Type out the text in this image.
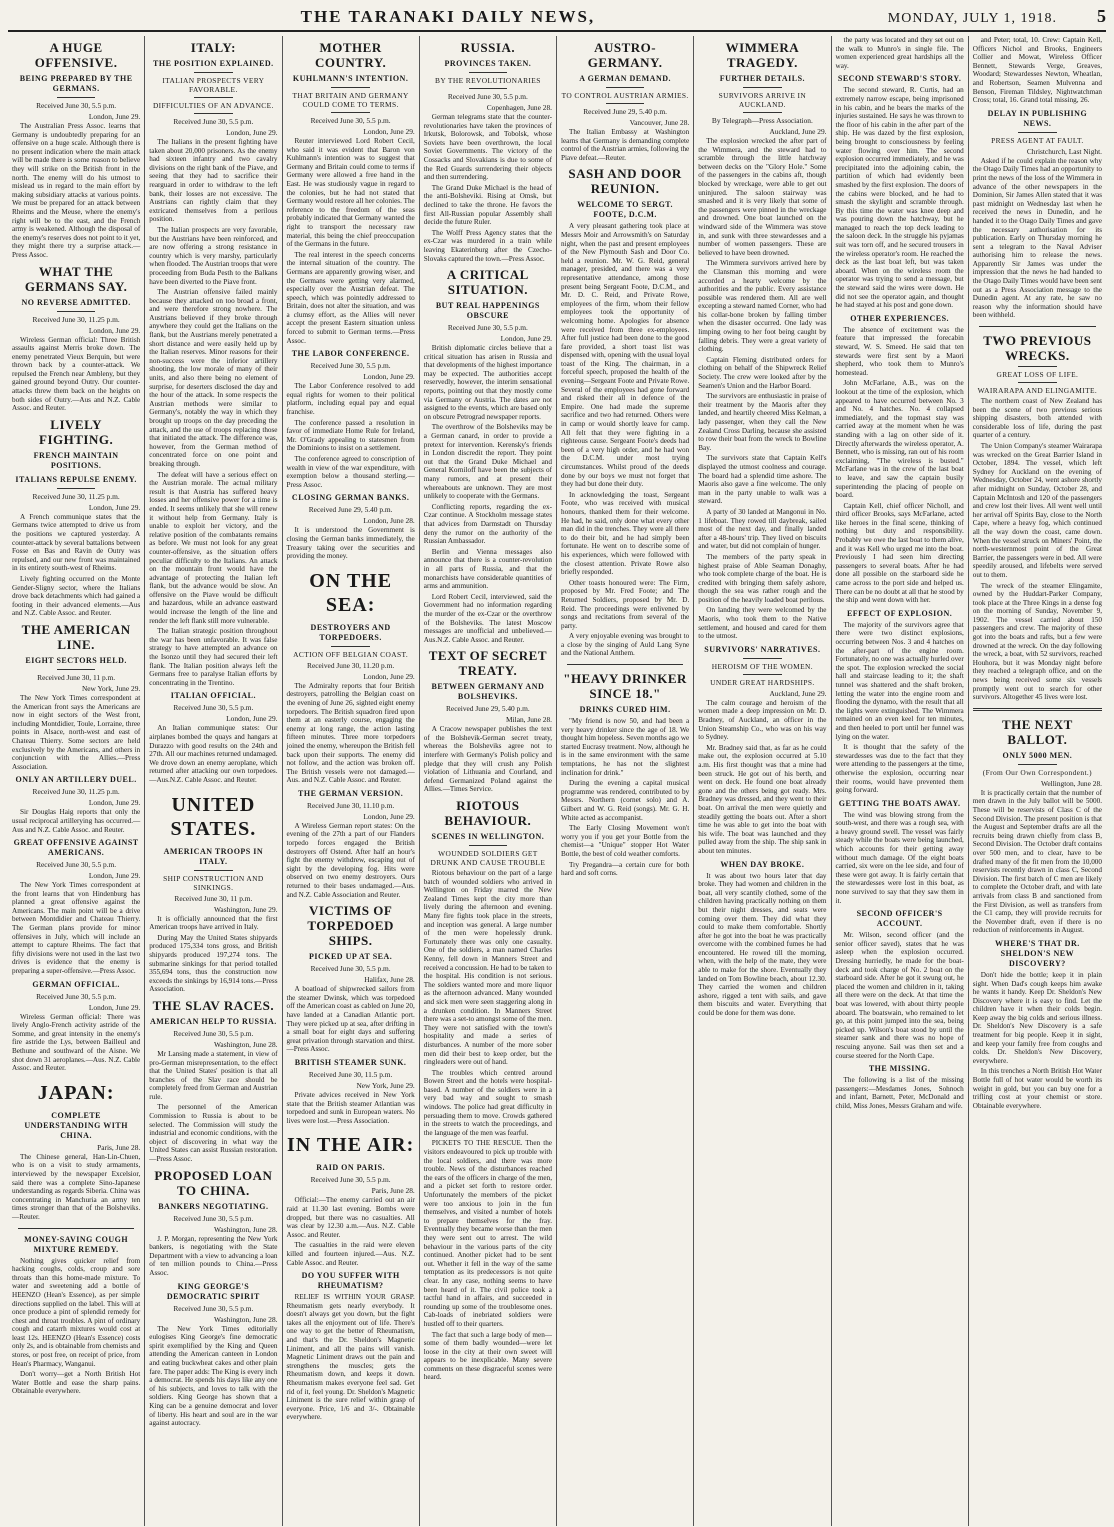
THE TARANAKI DAILY NEWS,	MONDAY, JULY 1, 1918. 5
A HUGE OFFENSIVE.
BEING PREPARED BY THE GERMANS.
Received June 30, 5.5 p.m.
London, June 29.

The Australian Press Assoc. learns that Germany is undoubtedly preparing for an offensive on a huge scale. Although there is no present indication where the main attack will be made there is some reason to believe they will strike on the British front in the north. The enemy will do his utmost to mislead us in regard to the main effort by making subsidiary attacks at various points. We must be prepared for an attack between Rheims and the Meuse, where the enemy's right will be to the east, and the French army is weakened. Although the disposal of the enemy's reserves does not point to it yet, they might there try a surprise attack.—Press Assoc.

WHAT THE GERMANS SAY.
NO REVERSE ADMITTED.
Received June 30, 11.25 p.m.
London, June 29.

Wireless German official: Three British assaults against Merris broke down. The enemy penetrated Vieux Berquin, but were thrown back by a counter-attack. We repulsed the French near Ambleny, but they gained ground beyond Outry. Our counter-attacks threw them back on the heights on both sides of Outry.—Aus and N.Z. Cable Assoc. and Reuter.

LIVELY FIGHTING.
FRENCH MAINTAIN POSITIONS.
ITALIANS REPULSE ENEMY.
Received June 30, 11.25 p.m.
London, June 29.

A French communique states that the Germans twice attempted to drive us from the positions we captured yesterday. A counter-attack by several battalions between Fosse en Bas and Ravin de Outry was repulsed, and our new front was maintained in its entirety south-west of Rheims.

Lively fighting occurred on the Monte Gender-Sligny sector, where the Italians drove back detachments which had gained a footing in their advanced elements.—Aus and N.Z. Cable Assoc. and Reuter.

THE AMERICAN LINE.
EIGHT SECTORS HELD.
Received June 30, 11 p.m.
New York, June 29.

The New York Times correspondent at the American front says the Americans are now in eight sectors of the West front, including Montdidier, Toule, Lorraine, three points in Alsace, north-west and east of Chateau Thierry. Some sectors are held exclusively by the Americans, and others in conjunction with the Allies.—Press Association.

ONLY AN ARTILLERY DUEL.
Received June 30, 11.25 p.m.
London, June 29.

Sir Douglas Haig reports that only the usual reciprocal artillerying has occurred.—Aus and N.Z. Cable Assoc. and Reuter.

GREAT OFFENSIVE AGAINST AMERICANS.
Received June 30, 5.5 p.m.
London, June 29.

The New York Times correspondent at the front learns that von Hindenburg has planned a great offensive against the Americans. The main point will be a drive between Montdidier and Chateau Thierry. The German plans provide for minor offensives in July, which will include an attempt to capture Rheims. The fact that fifty divisions were not used in the last two drives is evidence that the enemy is preparing a super-offensive.—Press Assoc.

GERMAN OFFICIAL.
Received June 30, 5.5 p.m.
London, June 29.

Wireless German official: There was lively Anglo-French activity astride of the Somme, and great intensity in the enemy's fire astride the Lys, between Bailleul and Bethune and southward of the Aisne. We shot down 31 aeroplanes.—Aus. N.Z. Cable Assoc. and Reuter.

JAPAN:
COMPLETE UNDERSTANDING WITH CHINA.
Paris, June 28.

The Chinese general, Han-Lin-Chuen, who is on a visit to study armaments, interviewed by the newspaper Excelsior, said there was a complete Sino-Japanese understanding as regards Siberia. China was concentrating in Manchuria an army ten times stronger than that of the Bolsheviks.—Reuter.

MONEY-SAVING COUGH MIXTURE REMEDY.

Nothing gives quicker relief from hacking coughs, colds, croup and sore throats than this home-made mixture. To water and sweetening add a bottle of HEENZO (Hean's Essence), as per simple directions supplied on the label. This will at once produce a pint of splendid remedy for chest and throat troubles. A pint of ordinary cough and catarrh mixtures would cost at least 12s. HEENZO (Hean's Essence) costs only 2s, and is obtainable from chemists and stores, or post free, on receipt of price, from Hean's Pharmacy, Wanganui.

Don't worry—get a North British Hot Water Bottle and ease the sharp pains. Obtainable everywhere.

ITALY:
THE POSITION EXPLAINED.
ITALIAN PROSPECTS VERY FAVORABLE.
DIFFICULTIES OF AN ADVANCE.
Received June 30, 5.5 p.m.
London, June 29.

The Italians in the present fighting have taken about 20,000 prisoners. As the enemy had sixteen infantry and two cavalry divisions on the right bank of the Piave, and seeing that they had to sacrifice their rearguard in order to withdraw to the left bank, their losses are not excessive. The Austrians can rightly claim that they extricated themselves from a perilous position.

The Italian prospects are very favorable, but the Austrians have been reinforced, and are now offering a strong resistance in country which is very marshy, particularly when flooded. The Austrian troops that were proceeding from Buda Pesth to the Balkans have been diverted to the Piave front.

The Austrian offensive failed mainly because they attacked on too broad a front, and were therefore strong nowhere. The Austrians believed if they broke through anywhere they could get the Italians on the flank, but the Austrians merely penetrated a short distance and were easily held up by the Italian reserves. Minor reasons for their non-success were the inferior artillery shooting, the low morale of many of their units, and also there being no element of surprise, for deserters disclosed the day and the hour of the attack. In some respects the Austrian methods were similar to Germany's, notably the way in which they brought up troops on the day preceding the attack, and the use of troops replacing those that initiated the attack. The difference was, however, from the German method of concentrated force on one point and breaking through.

The defeat will have a serious effect on the Austrian morale. The actual military result is that Austria has suffered heavy losses and her offensive power for a time is ended. It seems unlikely that she will renew it without help from Germany. Italy is unable to exploit her victory, and the relative position of the combatants remains as before. We must not look for any great counter-offensive, as the situation offers peculiar difficulty to the Italians. An attack on the mountain front would have the advantage of protecting the Italian left flank, but the advance would be slow. An offensive on the Piave would be difficult and hazardous, while an advance eastward would increase the length of the line and render the left flank still more vulnerable.

The Italian strategic position throughout the war has been unfavorable. It was false strategy to have attempted an advance on the Isonzo until they had secured their left flank. The Italian position always left the Germans free to paralyse Italian efforts by concentrating in the Trentino.

ITALIAN OFFICIAL.
Received June 30, 5.5 p.m.
London, June 29.

An Italian communique states: Our airplanes bombed the quays and hangars at Durazzo with good results on the 24th and 27th. All our machines returned undamaged. We drove down an enemy aeroplane, which returned after attacking our own torpedoes.—Aus.N.Z. Cable Assoc. and Reuter.

UNITED STATES.
AMERICAN TROOPS IN ITALY.
SHIP CONSTRUCTION AND SINKINGS.
Received June 30, 11 p.m.
Washington, June 29.

It is officially announced that the first American troops have arrived in Italy.

During May the United States shipyards produced 175,334 tons gross, and British shipyards produced 197,274 tons. The submarine sinkings for that period totalled 355,694 tons, thus the construction now exceeds the sinkings by 16,914 tons.—Press Association.

THE SLAV RACES.
AMERICAN HELP TO RUSSIA.
Received June 30, 5.5 p.m.
Washington, June 28.

Mr Lansing made a statement, in view of pro-German misrepresentation, to the effect that the United States' position is that all branches of the Slav race should be completely freed from German and Austrian rule.

The personnel of the American Commission to Russia is about to be selected. The Commission will study the industrial and economic conditions, with the object of discovering in what way the United States can assist Russian restoration.—Press Assoc.

PROPOSED LOAN TO CHINA.
BANKERS NEGOTIATING.
Received June 30, 5.5 p.m.
Washington, June 28.

J. P. Morgan, representing the New York bankers, is negotiating with the State Department with a view to advancing a loan of ten million pounds to China.—Press Assoc.

KING GEORGE'S DEMOCRATIC SPIRIT
Received June 30, 5.5 p.m.
Washington, June 28.

The New York Times editorially eulogises King George's fine democratic spirit exemplified by the King and Queen attending the American canteen in London and eating buckwheat cakes and other plain fare. The paper adds: The King is every inch a democrat. He spends his days like any one of his subjects, and loves to talk with the soldiers. King George has shown that a King can be a genuine democrat and lover of liberty. His heart and soul are in the war against autocracy.

MOTHER COUNTRY.
KUHLMANN'S INTENTION.
THAT BRITAIN AND GERMANY COULD COME TO TERMS.
Received June 30, 5.5 p.m.
London, June 29.

Reuter interviewed Lord Robert Cecil, who said it was evident that Baron von Kuhlmann's intention was to suggest that Germany and Britain could come to terms if Germany were allowed a free hand in the East. He was studiously vague in regard to the colonies, but he had not stated that Germany would restore all her colonies. The reference to the freedom of the seas probably indicated that Germany wanted the right to transport the necessary raw material, this being the chief preoccupation of the Germans in the future.

The real interest in the speech concerns the internal situation of the country. The Germans are apparently growing wiser, and the Germans were getting very alarmed, especially over the Austrian defeat. The speech, which was pointedly addressed to Britain, does not alter the situation, and was a clumsy effort, as the Allies will never accept the present Eastern situation unless forced to submit to German terms.—Press Assoc.

THE LABOR CONFERENCE.
Received June 30, 5.5 p.m.
London, June 29.

The Labor Conference resolved to add equal rights for women to their political platform, including equal pay and equal franchise.

The conference passed a resolution in favor of immediate Home Rule for Ireland, Mr. O'Grady appealing to statesmen from the Dominions to insist on a settlement.

The conference agreed to conscription of wealth in view of the war expenditure, with exemption below a thousand sterling.—Press Assoc.

CLOSING GERMAN BANKS.
Received June 29, 5.40 p.m.
London, June 28.

It is understood the Government is closing the German banks immediately, the Treasury taking over the securities and providing the money.

ON THE SEA:
DESTROYERS AND TORPEDOERS.
ACTION OFF BELGIAN COAST.
Received June 30, 11.20 p.m.
London, June 29.

The Admiralty reports that four British destroyers, patrolling the Belgian coast on the evening of June 26, sighted eight enemy torpedoers. The British squadron fired upon them at an easterly course, engaging the enemy at long range, the action lasting fifteen minutes. Three more torpedoers joined the enemy, whereupon the British fell back upon their supports. The enemy did not follow, and the action was broken off. The British vessels were not damaged.—Aus. and N.Z. Cable Assoc. and Reuter.

THE GERMAN VERSION.
Received June 30, 11.10 p.m.
London, June 29.

A Wireless German report states: On the evening of the 27th a part of our Flanders torpedo forces engaged the British destroyers off Ostend. After half an hour's fight the enemy withdrew, escaping out of sight by the developing fog. Hits were observed on two enemy destroyers. Ours returned to their bases undamaged.—Aus. and N.Z. Cable Association and Reuter.

VICTIMS OF TORPEDOED SHIPS.
PICKED UP AT SEA.
Received June 30, 5.5 p.m.
Halifax, June 28.

A boatload of shipwrecked sailors from the steamer Dwinsk, which was torpedoed off the American coast as cabled on June 20, have landed at a Canadian Atlantic port. They were picked up at sea, after drifting in a small boat for eight days and suffering great privation through starvation and thirst.—Press Assoc.

BRITISH STEAMER SUNK.
Received June 30, 11.5 p.m.
New York, June 29.

Private advices received in New York state that the British steamer Atlantian was torpedoed and sunk in European waters. No lives were lost.—Press Association.

IN THE AIR:
RAID ON PARIS.
Received June 30, 5.5 p.m.
Paris, June 28.

Official:—The enemy carried out an air raid at 11.30 last evening. Bombs were dropped, but there was no casualties. All was clear by 12.30 a.m.—Aus. N.Z. Cable Assoc. and Reuter.

The casualties in the raid were eleven killed and fourteen injured.—Aus. N.Z. Cable Assoc. and Reuter.

DO YOU SUFFER WITH RHEUMATISM?

RELIEF IS WITHIN YOUR GRASP. Rheumatism gets nearly everybody. It doesn't always get you down, but the fight takes all the enjoyment out of life. There's one way to get the better of Rheumatism, and that's the Dr. Sheldon's Magnetic Liniment, and all the pains will vanish. Magnetic Liniment draws out the pain and strengthens the muscles; gets the Rheumatism down, and keeps it down. Rheumatism makes everyone feel sad. Get rid of it, feel young. Dr. Sheldon's Magnetic Liniment is the sure relief within grasp of everyone. Price, 1/6 and 3/-. Obtainable everywhere.

RUSSIA.
PROVINCES TAKEN.
BY THE REVOLUTIONARIES
Received June 30, 5.5 p.m.
Copenhagen, June 28.

German telegrams state that the counter-revolutionaries have taken the provinces of Irkutsk, Bolorowsk, and Tobolsk, whose Soviets have been overthrown, the local Soviet Governments. The victory of the Cossacks and Slovakians is due to some of the Red Guards surrendering their objects and then surrendering.

The Grand Duke Michael is the head of the anti-Bolsheviki. Rising at Omsk, but declined to take the throne. He favors the first All-Russian popular Assembly shall decide the future Ruler.

The Wolff Press Agency states that the ex-Czar was murdered in a train while leaving Ekaterinburg after the Czecho-Slovaks captured the town.—Press Assoc.

A CRITICAL SITUATION.
BUT REAL HAPPENINGS OBSCURE
Received June 30, 5.5 p.m.
London, June 29.

British diplomatic circles believe that a critical situation has arisen in Russia and that developments of the highest importance may be expected. The authorities accept reservedly, however, the interim sensational reports, pointing out that they mostly come via Germany or Austria. The dates are not assigned to the events, which are based only on obscure Petrograd newspaper reports.

The overthrow of the Bolsheviks may be a German canard, in order to provide a pretext for intervention. Kerensky's friends in London discredit the report. They point out that the Grand Duke Michael and General Korniloff have been the subjects of many rumors, and at present their whereabouts are unknown. They are most unlikely to cooperate with the Germans.

Conflicting reports, regarding the ex-Czar continue. A Stockholm message states that advices from Darmstadt on Thursday deny the rumor on the authority of the Russian Ambassador.

Berlin and Vienna messages also announce that there is a counter-revolution in all parts of Russia, and that the monarchists have considerable quantities of arms and ammunition.

Lord Robert Cecil, interviewed, said the Government had no information regarding the murder of the ex-Czar or the overthrow of the Bolsheviks. The latest Moscow messages are unofficial and unbelieved.—Aus.N.Z. Cable Assoc. and Reuter.

TEXT OF SECRET TREATY.
BETWEEN GERMANY AND BOLSHEVIKS.
Received June 29, 5.40 p.m.
Milan, June 28.

A Cracow newspaper publishes the text of the Bolshevik-German secret treaty, whereas the Bolsheviks agree not to interfere with Germany's Polish policy and pledge that they will crush any Polish violation of Lithuania and Courland, and defend Germanized Poland against the Allies.—Times Service.

RIOTOUS BEHAVIOUR.
SCENES IN WELLINGTON.
WOUNDED SOLDIERS GET DRUNK AND CAUSE TROUBLE

Riotous behaviour on the part of a large batch of wounded soldiers who arrived in Wellington on Friday marred the New Zealand Times kept the city more than lively during the afternoon and evening. Many fire fights took place in the streets, and inception was general. A large number of the men were hopelessly drunk. Fortunately there was only one casualty. One of the soldiers, a man named Charles Kenny, fell down in Manners Street and received a concussion. He had to be taken to the hospital. His condition is not serious. The soldiers wanted more and more liquor as the afternoon advanced. Many wounded and sick men were seen staggering along in a drunken condition. In Manners Street there was a set-to amongst some of the men. They were not satisfied with the town's hospitality and made a series of disturbances. A number of the more sober men did their best to keep order, but the ringleaders were out of hand.

The troubles which centred around Bowen Street and the hotels were hospital-based. A number of the soldiers were in a very bad way and sought to smash windows. The police had great difficulty in persuading them to move. Crowds gathered in the streets to watch the proceedings, and the language of the men was fearful.

PICKETS TO THE RESCUE. Then the visitors endeavoured to pick up trouble with the local soldiers, and there was more trouble. News of the disturbances reached the ears of the officers in charge of the men, and a picket set forth to restore order. Unfortunately the members of the picket were too anxious to join in the fun themselves, and visited a number of hotels to prepare themselves for the fray. Eventually they became worse than the men they were sent out to arrest. The wild behaviour in the various parts of the city continued. Another picket had to be sent out. Whether it fell in the way of the same temptation as its predecessors is not quite clear. In any case, nothing seems to have been heard of it. The civil police took a tactful hand in affairs, and succeeded in rounding up some of the troublesome ones. Cab-loads of inebriated soldiers were hustled off to their quarters.

The fact that such a large body of men—some of them badly wounded—were let loose in the city at their own sweet will appears to be inexplicable. Many severe comments on these disgraceful scenes were heard.

AUSTRO-GERMANY.
A GERMAN DEMAND.
TO CONTROL AUSTRIAN ARMIES.
Received June 29, 5.40 p.m.
Vancouver, June 28.

The Italian Embassy at Washington learns that Germany is demanding complete control of the Austrian armies, following the Piave defeat.—Reuter.

SASH AND DOOR REUNION.
WELCOME TO SERGT. FOOTE, D.C.M.

A very pleasant gathering took place at Messrs Moir and Arrowsmith's on Saturday night, when the past and present employees of the New Plymouth Sash and Door Co. held a reunion. Mr. W. G. Reid, general manager, presided, and there was a very representative attendance, among those present being Sergeant Foote, D.C.M., and Mr. D. C. Reid, and Private Rowe, employees of the firm, whom their fellow employees took the opportunity of welcoming home. Apologies for absence were received from three ex-employees. After full justice had been done to the good fare provided, a short toast list was dispensed with, opening with the usual loyal toast of the King. The chairman, in a forceful speech, proposed the health of the evening—Sergeant Foote and Private Rowe. Several of the employees had gone forward and risked their all in defence of the Empire. One had made the supreme sacrifice and two had returned. Others were in camp or would shortly leave for camp. All felt that they were fighting in a righteous cause. Sergeant Foote's deeds had been of a very high order, and he had won the D.C.M. under most trying circumstances. Whilst proud of the deeds done by our boys we must not forget that they had but done their duty.

In acknowledging the toast, Sergeant Foote, who was received with musical honours, thanked them for their welcome. He had, he said, only done what every other man did in the trenches. They were all there to do their bit, and he had simply been fortunate. He went on to describe some of his experiences, which were followed with the closest attention. Private Rowe also briefly responded.

Other toasts honoured were: The Firm, proposed by Mr. Fred Foote; and The Returned Soldiers, proposed by Mr. D. Reid. The proceedings were enlivened by songs and recitations from several of the party.

A very enjoyable evening was brought to a close by the singing of Auld Lang Syne and the National Anthem.

"HEAVY DRINKER SINCE 18."
DRINKS CURED HIM.

"My friend is now 50, and had been a very heavy drinker since the age of 18. We thought him hopeless. Seven months ago we started Eucrasy treatment. Now, although he is in the same environment with the same temptations, he has not the slightest inclination for drink."

During the evening a capital musical programme was rendered, contributed to by Messrs. Northern (cornet solo) and A. Gilbert and W. G. Reid (songs). Mr. G. H. White acted as accompanist.

The Early Closing Movement won't worry you if you get your Bottle from the chemist—a "Unique" stopper Hot Water Bottle, the best of cold weather comforts.

Try Pregandra—a certain cure for both hard and soft corns.

WIMMERA TRAGEDY.
FURTHER DETAILS.
SURVIVORS ARRIVE IN AUCKLAND.
By Telegraph—Press Association.
Auckland, June 29.

The explosion wrecked the after part of the Wimmera, and the steward had to scramble through the little hatchway between decks on the "Glory Hole." Some of the passengers in the cabins aft, though blocked by wreckage, were able to get out uninjured. The saloon stairway was smashed and it is very likely that some of the passengers were pinned in the wreckage and drowned. One boat launched on the windward side of the Wimmera was stove in, and sunk with three stewardesses and a number of women passengers. These are believed to have been drowned.

The Wimmera survivors arrived here by the Clansman this morning and were accorded a hearty welcome by the authorities and the public. Every assistance possible was rendered them. All are well excepting a steward named Corner, who had his collar-bone broken by falling timber when the disaster occurred. One lady was limping owing to her foot being caught by falling debris. They were a great variety of clothing.

Captain Fleming distributed orders for clothing on behalf of the Shipwreck Relief Society. The crew were looked after by the Seamen's Union and the Harbor Board.

The survivors are enthusiastic in praise of their treatment by the Maoris after they landed, and heartily cheered Miss Kelman, a lady passenger, when they call the New Zealand Cross Darling, because she assisted to row their boat from the wreck to Bowline Bay.

The survivors state that Captain Kell's displayed the utmost coolness and courage. The board had a splendid time ashore. The Maoris also gave a fine welcome. The only man in the party unable to walk was a steward.

A party of 30 landed at Mangonui in No. 1 lifeboat. They rowed till daybreak, sailed most of the next day, and finally landed after a 48-hours' trip. They lived on biscuits and water, but did not complain of hunger.

The members of the party speak in highest praise of Able Seaman Donaghy, who took complete charge of the boat. He is credited with bringing them safely ashore, though the sea was rather rough and the position of the heavily loaded boat perilous.

On landing they were welcomed by the Maoris, who took them to the Native settlement, and housed and cared for them to the utmost.

SURVIVORS' NARRATIVES.
HEROISM OF THE WOMEN.
UNDER GREAT HARDSHIPS.
Auckland, June 29.

The calm courage and heroism of the women made a deep impression on Mr. D. Bradney, of Auckland, an officer in the Union Steamship Co., who was on his way to Sydney.

Mr. Bradney said that, as far as he could make out, the explosion occurred at 5.10 a.m. His first thought was that a mine had been struck. He got out of his berth, and went on deck. He found one boat already gone and the others being got ready. Mrs. Bradney was dressed, and they went to their boat. On arrival the men were quietly and steadily getting the boats out. After a short time he was able to get into the boat with his wife. The boat was launched and they pulled away from the ship. The ship sank in about ten minutes.

WHEN DAY BROKE.

It was about two hours later that day broke. They had women and children in the boat, all very scantily clothed, some of the children having practically nothing on them but their night dresses, and seats were coming over them. They did what they could to make them comfortable. Shortly after he got into the boat he was practically overcome with the combined fumes he had encountered. He rowed till the morning, when, with the help of the mate, they were able to make for the shore. Eventually they landed on Tom Bowline beach, about 12.30. They carried the women and children ashore, rigged a tent with sails, and gave them biscuits and water. Everything that could be done for them was done.

the party was located and they set out on the walk to Munro's in single file. The women experienced great hardships all the way.

SECOND STEWARD'S STORY.

The second steward, R. Curtis, had an extremely narrow escape, being imprisoned in his cabin, and he bears the marks of the injuries sustained. He says he was thrown to the floor of his cabin in the after part of the ship. He was dazed by the first explosion, being brought to consciousness by feeling water flowing over him. The second explosion occurred immediately, and he was precipitated into the adjoining cabin, the partition of which had evidently been smashed by the first explosion. The doors of the cabins were blocked, and he had to smash the skylight and scramble through. By this time the water was knee deep and was pouring down the hatchway, but he managed to reach the top deck leading to the saloon deck. In the struggle his pyjamas suit was torn off, and he secured trousers in the wireless operator's room. He reached the deck as the last boat left, but was taken aboard. When on the wireless room the operator was trying to send a message, but the steward said the wires were down. He did not see the operator again, and thought he had stayed at his post and gone down.

OTHER EXPERIENCES.

The absence of excitement was the feature that impressed the forecabin steward, W. S. Smeed. He said that ten stewards were first sent by a Maori shepherd, who took them to Munro's homestead.

John McFarlane, A.B., was on the lookout at the time of the explosion, which appeared to have occurred between No. 3 and No. 4 hatches. No. 4 collapsed immediately, and the topmast stay was carried away at the moment when he was standing with a lag on other side of it. Directly afterwards the wireless operator, A. Bennett, who is missing, ran out of his room exclaiming, "The wireless is busted." McFarlane was in the crew of the last boat to leave, and saw the captain busily superintending the placing of people on board.

Captain Kell, chief officer Nicholl, and third officer Brooks, says McFarlane, acted like heroes in the final scene, thinking of nothing but duty and responsibility. Probably we owe the last boat to them alive, and it was Kell who urged me into the boat. Previously I had seen him directing passengers to several boats. After he had done all possible on the starboard side he came across to the port side and helped us. There can be no doubt at all that he stood by the ship and went down with her.

EFFECT OF EXPLOSION.

The majority of the survivors agree that there were two distinct explosions, occurring between Nos. 3 and 4 hatches on the after-part of the engine room. Fortunately, no one was actually hurled over the spot. The explosion wrecked the social hall and staircase leading to it; the shaft tunnel was shattered and the shaft broken, letting the water into the engine room and flooding the dynamo, with the result that all the lights were extinguished. The Wimmera remained on an even keel for ten minutes, and then heeled to port until her funnel was lying on the water.

It is thought that the safety of the stewardesses was due to the fact that they were attending to the passengers at the time, otherwise the explosion, occurring near their rooms, would have prevented them going forward.

GETTING THE BOATS AWAY.

The wind was blowing strong from the south-west, and there was a rough sea, with a heavy ground swell. The vessel was fairly steady while the boats were being launched, which accounts for their getting away without much damage. Of the eight boats carried, six were on the lee side, and four of these were got away. It is fairly certain that the stewardesses were lost in this boat, as none survived to say that they saw them in it.

SECOND OFFICER'S ACCOUNT.

Mr. Wilson, second officer (and the senior officer saved), states that he was asleep when the explosion occurred. Dressing hurriedly, he made for the boat-deck and took charge of No. 2 boat on the starboard side. After he got it swung out, he placed the women and children in it, taking all there were on the deck. At that time the boat was lowered, with about thirty people aboard. The boatswain, who remained to let go, at this point jumped into the sea, being picked up. Wilson's boat stood by until the steamer sank and there was no hope of rescuing anyone. Sail was then set and a course steered for the North Cape.

THE MISSING.

The following is a list of the missing passengers:—Mesdames Jones, Sohnoch and infant, Barnett, Peter, McDonald and child, Miss Jones, Messrs Graham and wife.

and Peter; total, 10. Crew: Captain Kell, Officers Nichol and Brooks, Engineers Collier and Mowat, Wireless Officer Bennett, Stewards Verge, Greaves, Woodard; Stewardesses Newton, Wheatlan, and Robertson, Seamen Mulvenna and Benson, Fireman Tildsley, Nightwatchman Cross; total, 16. Grand total missing, 26.

DELAY IN PUBLISHING NEWS.
PRESS AGENT AT FAULT.
Christchurch, Last Night.

Asked if he could explain the reason why the Otago Daily Times had an opportunity to print the news of the loss of the Wimmera in advance of the other newspapers in the Dominion, Sir James Allen stated that it was past midnight on Wednesday last when he received the news in Dunedin, and he handed it to the Otago Daily Times and gave the necessary authorisation for its publication. Early on Thursday morning he sent a telegram to the Naval Adviser authorising him to release the news. Apparently Sir James was under the impression that the news he had handed to the Otago Daily Times would have been sent out as a Press Association message to the Dunedin agent. At any rate, he saw no reason why the information should have been withheld.

TWO PREVIOUS WRECKS.
GREAT LOSS OF LIFE.
WAIRARAPA AND ELINGAMITE.

The northern coast of New Zealand has been the scene of two previous serious shipping disasters, both attended with considerable loss of life, during the past quarter of a century.

The Union Company's steamer Wairarapa was wrecked on the Great Barrier Island in October, 1894. The vessel, which left Sydney for Auckland on the evening of Wednesday, October 24, went ashore shortly after midnight on Sunday, October 28, and Captain McIntosh and 120 of the passengers and crew lost their lives. All went well until her arrival off Spirits Bay, close to the North Cape, where a heavy fog, which continued all the way down the coast, came down. When the vessel struck on Miners' Point, the north-westernmost point of the Great Barrier, the passengers were in bed. All were speedily aroused, and lifebelts were served out to them.

The wreck of the steamer Elingamite, owned by the Huddart-Parker Company, took place at the Three Kings in a dense fog on the morning of Sunday, November 9, 1902. The vessel carried about 150 passengers and crew. The majority of these got into the boats and rafts, but a few were drowned at the wreck. On the day following the wreck, a boat, with 52 survivors, reached Houhora, but it was Monday night before they reached a telegraph office, and on the news being received some six vessels promptly went out to search for other survivors. Altogether 45 lives were lost.

THE NEXT BALLOT.
ONLY 5000 MEN.
(From Our Own Correspondent.)
Wellington, June 28.

It is practically certain that the number of men drawn in the July ballot will be 5000. These will be reservists of Class C of the Second Division. The present position is that the August and September drafts are all the recruits being drawn chiefly from class B, Second Division. The October draft contains over 500 men, and to clear, have to be drafted many of the fit men from the 10,000 reservists recently drawn in class C, Second Division. The first batch of C men are likely to complete the October draft, and with late arrivals from class B and sanctioned from the First Division, as well as transfers from the C1 camp, they will provide recruits for the November draft, even if there is no reduction of reinforcements in August.

WHERE'S THAT DR. SHELDON'S NEW DISCOVERY?

Don't hide the bottle; keep it in plain sight. When Dad's cough keeps him awake he wants it handy. Keep Dr. Sheldon's New Discovery where it is easy to find. Let the children have it when their colds begin. Keep away the big colds and serious illness. Dr. Sheldon's New Discovery is a safe treatment for big people. Keep it in sight, and keep your family free from coughs and colds. Dr. Sheldon's New Discovery, everywhere.

In this trenches a North British Hot Water Bottle full of hot water would be worth its weight in gold, but you can buy one for a trifling cost at your chemist or store. Obtainable everywhere.
